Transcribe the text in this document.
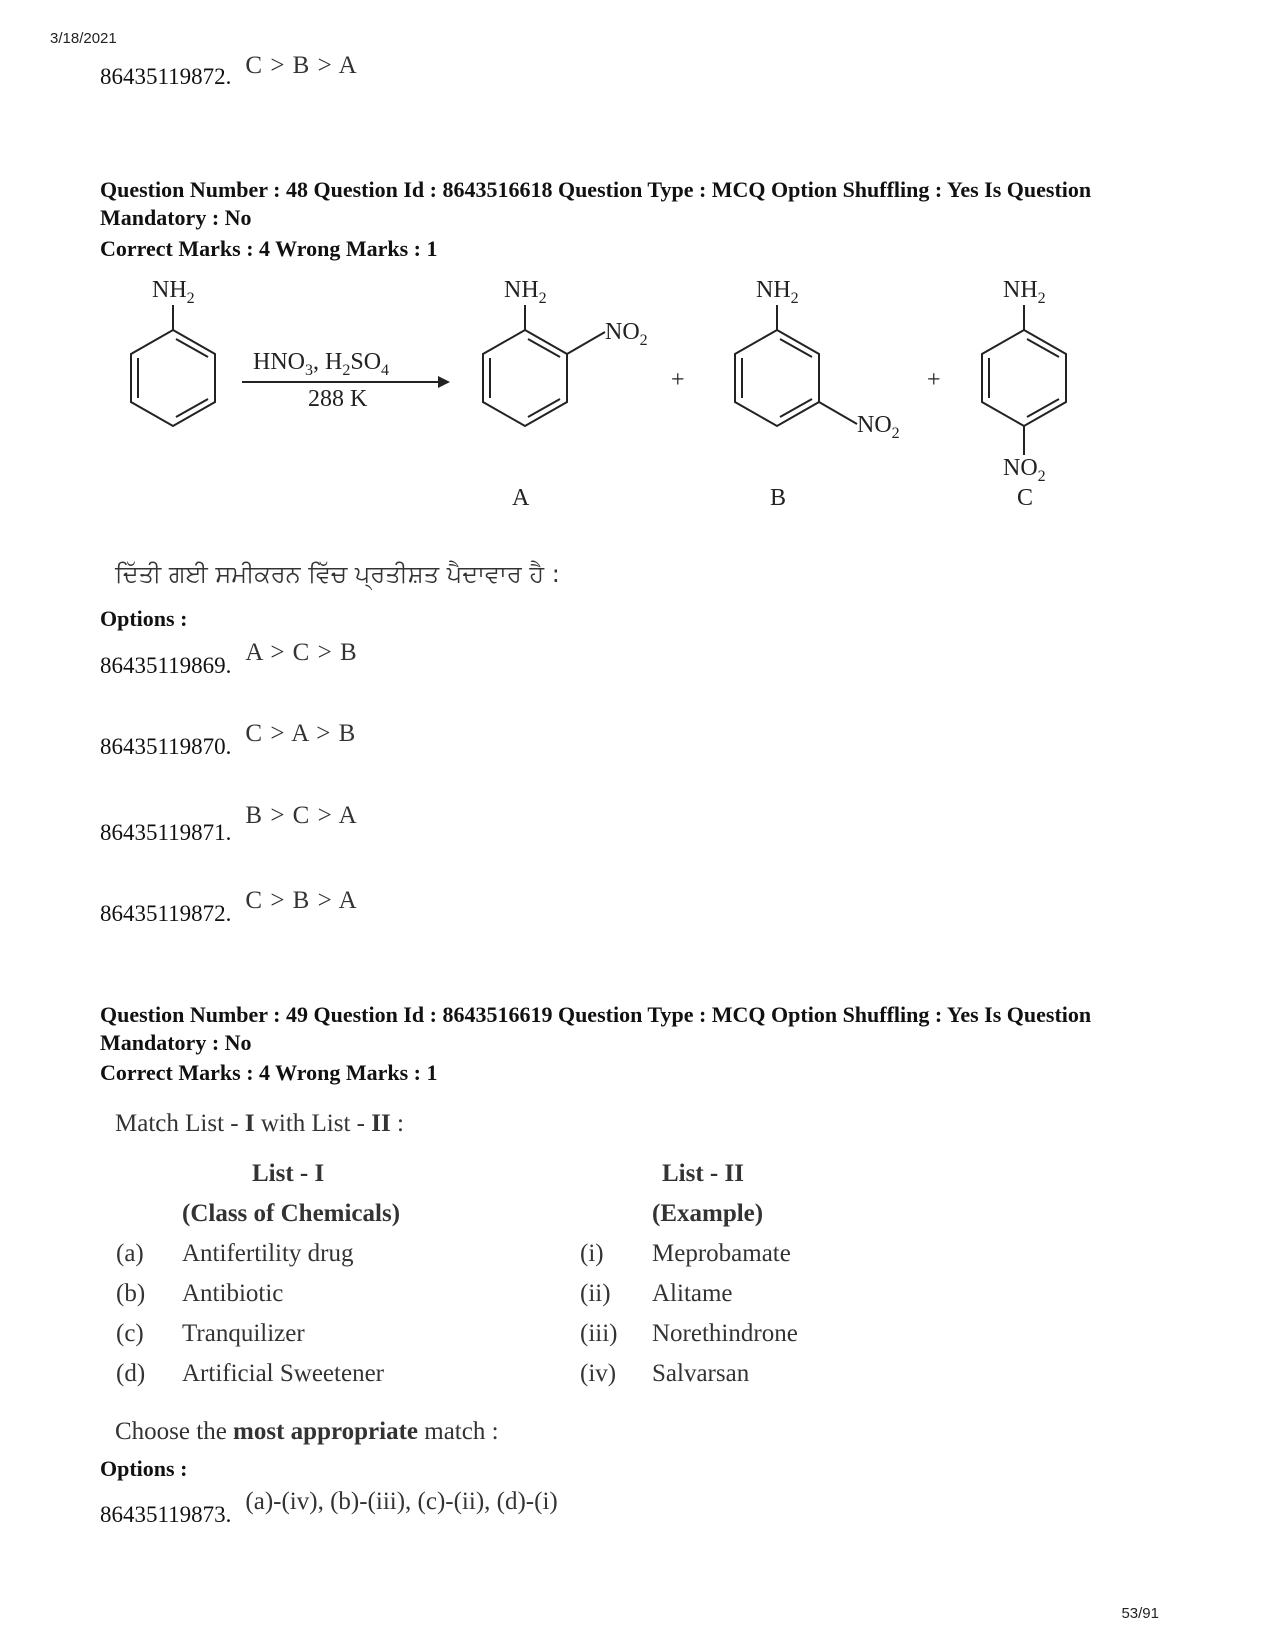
3/18/2021
86435119872. C > B > A
Question Number : 48 Question Id : 8643516618 Question Type : MCQ Option Shuffling : Yes Is Question Mandatory : No
Correct Marks : 4 Wrong Marks : 1
$NH_2$
$HNO_3$, $H_2SO_4$
288 K
$NH_2$
$NO_2$
+
A
$NH_2$
$NO_2$
+
B
$NH_2$
$NO_2$
C
ਦਿੱਤੀ ਗਈ ਸਮੀਕਰਨ ਵਿੱਚ ਪ੍ਰਤੀਸ਼ਤ ਪੈਦਾਵਾਰ ਹੈ :
Options :
86435119869. A > C > B
86435119870. C > A > B
86435119871.
B > C > A
86435119872. C > B > A
Question Number : 49 Question Id : 8643516619 Question Type : MCQ Option Shuffling : Yes Is Question Mandatory : No
Correct Marks : 4 Wrong Marks : 1
Match List - I with List - II :
	List - I		List - II
	(Class of Chemicals)		(Example)
(a)	Antifertility drug	(i)	Meprobamate
(b)	Antibiotic	(ii)	Alitame
(c)	Tranquilizer	(iii)	Norethindrone
(d)	Artificial Sweetener	(iv)	Salvarsan
Choose the most appropriate match :
Options :
86435119873. (a)-(iv), (b)-(iii), (c)-(ii), (d)-(i)
53/91
